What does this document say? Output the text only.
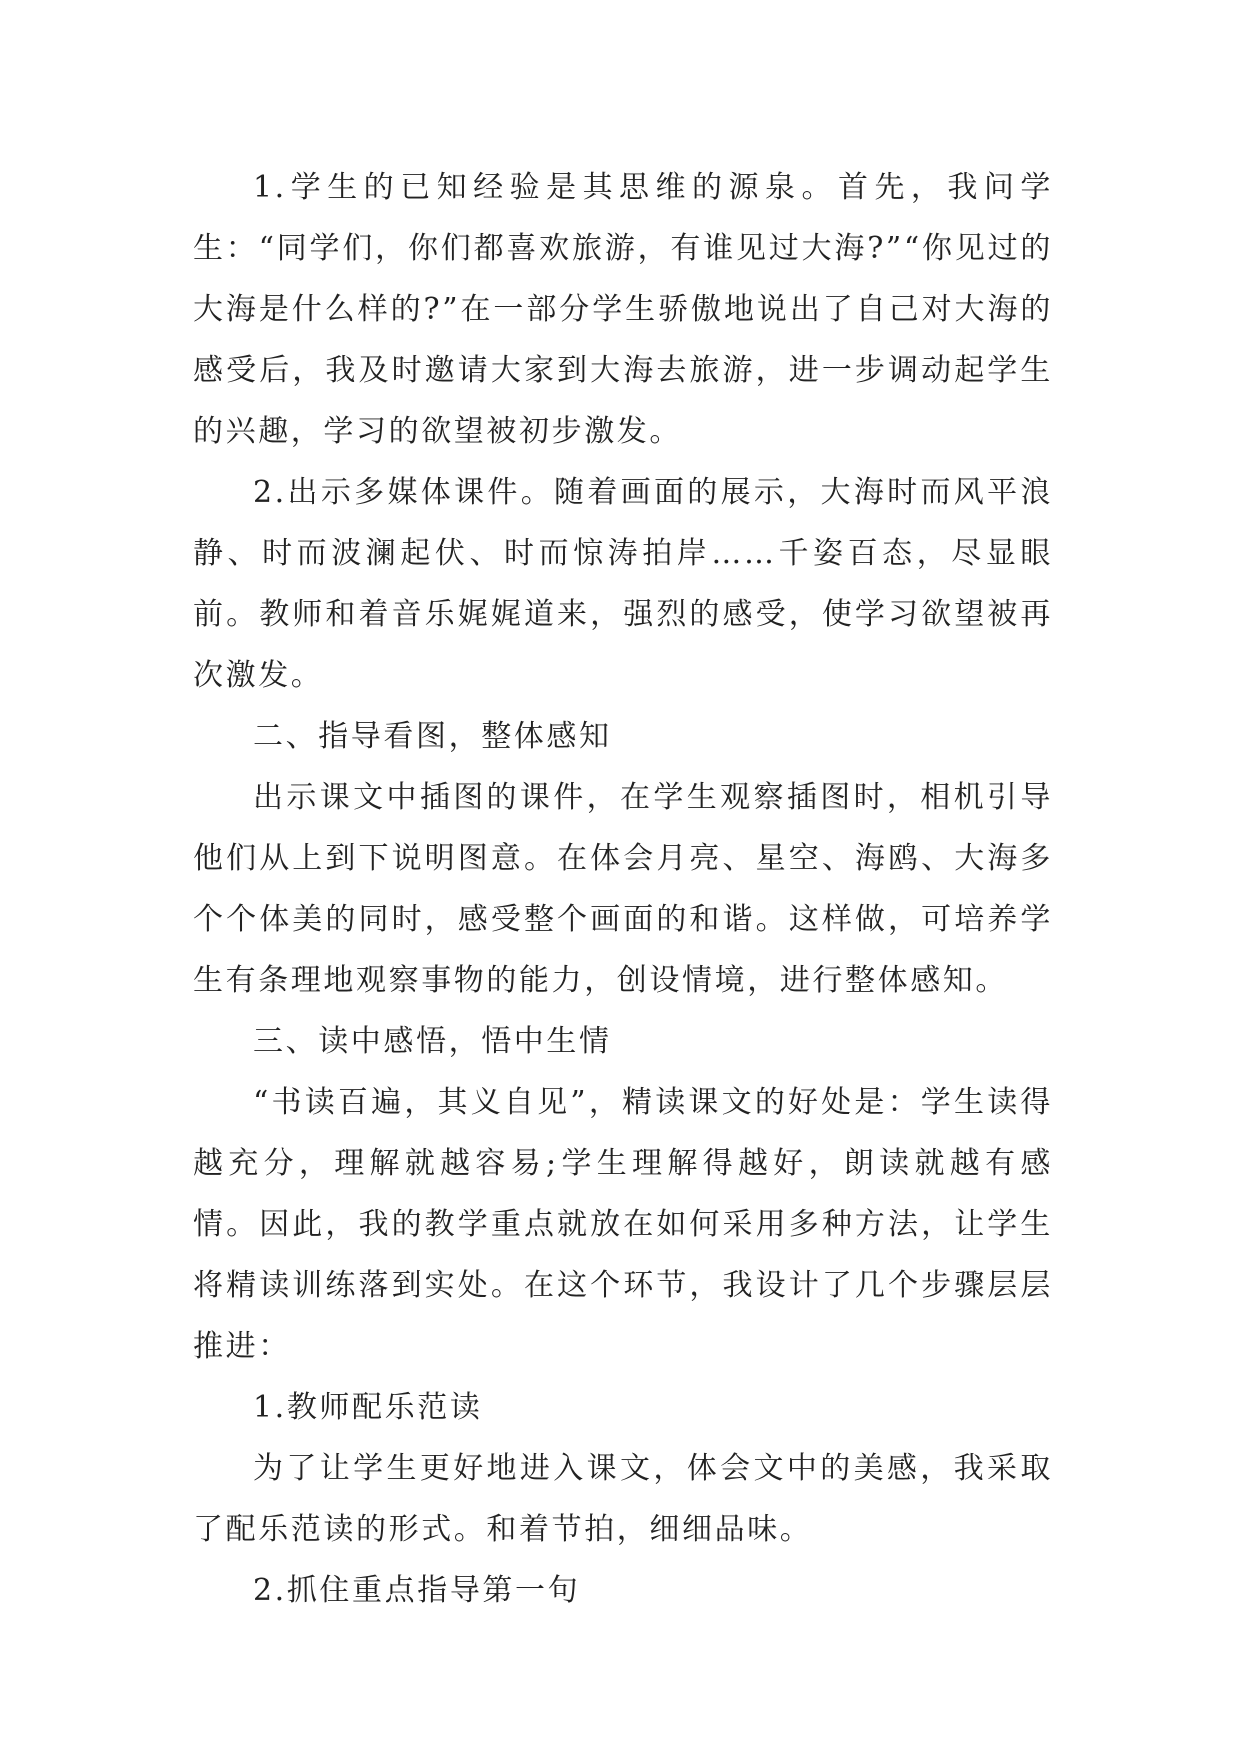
1.学生的已知经验是其思维的源泉。首先，我问学生：“同学们，你们都喜欢旅游，有谁见过大海?”“你见过的大海是什么样的?”在一部分学生骄傲地说出了自己对大海的感受后，我及时邀请大家到大海去旅游，进一步调动起学生的兴趣，学习的欲望被初步激发。

2.出示多媒体课件。随着画面的展示，大海时而风平浪静、时而波澜起伏、时而惊涛拍岸……千姿百态，尽显眼前。教师和着音乐娓娓道来，强烈的感受，使学习欲望被再次激发。

二、指导看图，整体感知

出示课文中插图的课件，在学生观察插图时，相机引导他们从上到下说明图意。在体会月亮、星空、海鸥、大海多个个体美的同时，感受整个画面的和谐。这样做，可培养学生有条理地观察事物的能力，创设情境，进行整体感知。

三、读中感悟，悟中生情

“书读百遍，其义自见”，精读课文的好处是：学生读得越充分，理解就越容易;学生理解得越好，朗读就越有感情。因此，我的教学重点就放在如何采用多种方法，让学生将精读训练落到实处。在这个环节，我设计了几个步骤层层推进：

1.教师配乐范读

为了让学生更好地进入课文，体会文中的美感，我采取了配乐范读的形式。和着节拍，细细品味。

2.抓住重点指导第一句
